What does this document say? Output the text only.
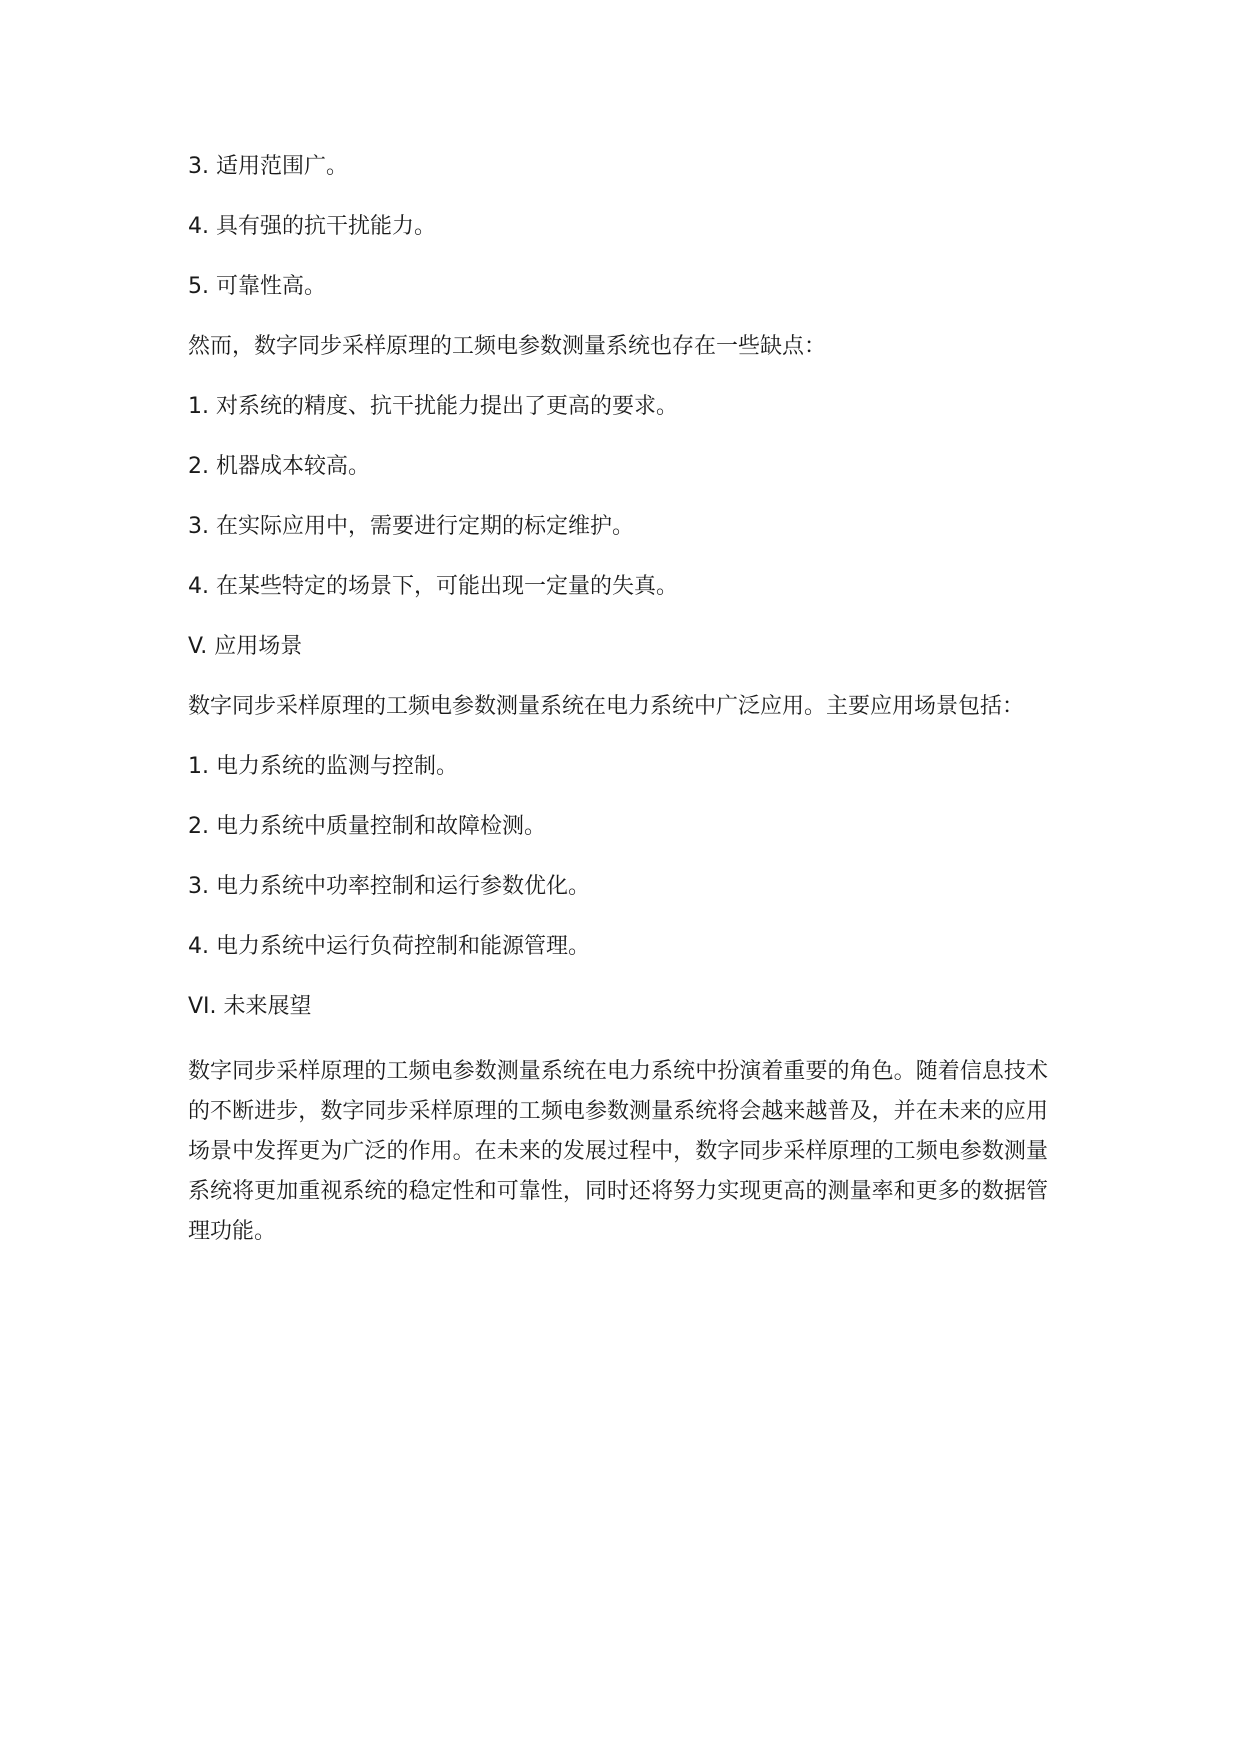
3. 适用范围广。

4. 具有强的抗干扰能力。

5. 可靠性高。

然而，数字同步采样原理的工频电参数测量系统也存在一些缺点：

1. 对系统的精度、抗干扰能力提出了更高的要求。

2. 机器成本较高。

3. 在实际应用中，需要进行定期的标定维护。

4. 在某些特定的场景下，可能出现一定量的失真。

V. 应用场景

数字同步采样原理的工频电参数测量系统在电力系统中广泛应用。主要应用场景包括：

1. 电力系统的监测与控制。

2. 电力系统中质量控制和故障检测。

3. 电力系统中功率控制和运行参数优化。

4. 电力系统中运行负荷控制和能源管理。

VI. 未来展望

数字同步采样原理的工频电参数测量系统在电力系统中扮演着重要的角色。随着信息技术的不断进步，数字同步采样原理的工频电参数测量系统将会越来越普及，并在未来的应用场景中发挥更为广泛的作用。在未来的发展过程中，数字同步采样原理的工频电参数测量系统将更加重视系统的稳定性和可靠性，同时还将努力实现更高的测量率和更多的数据管理功能。
